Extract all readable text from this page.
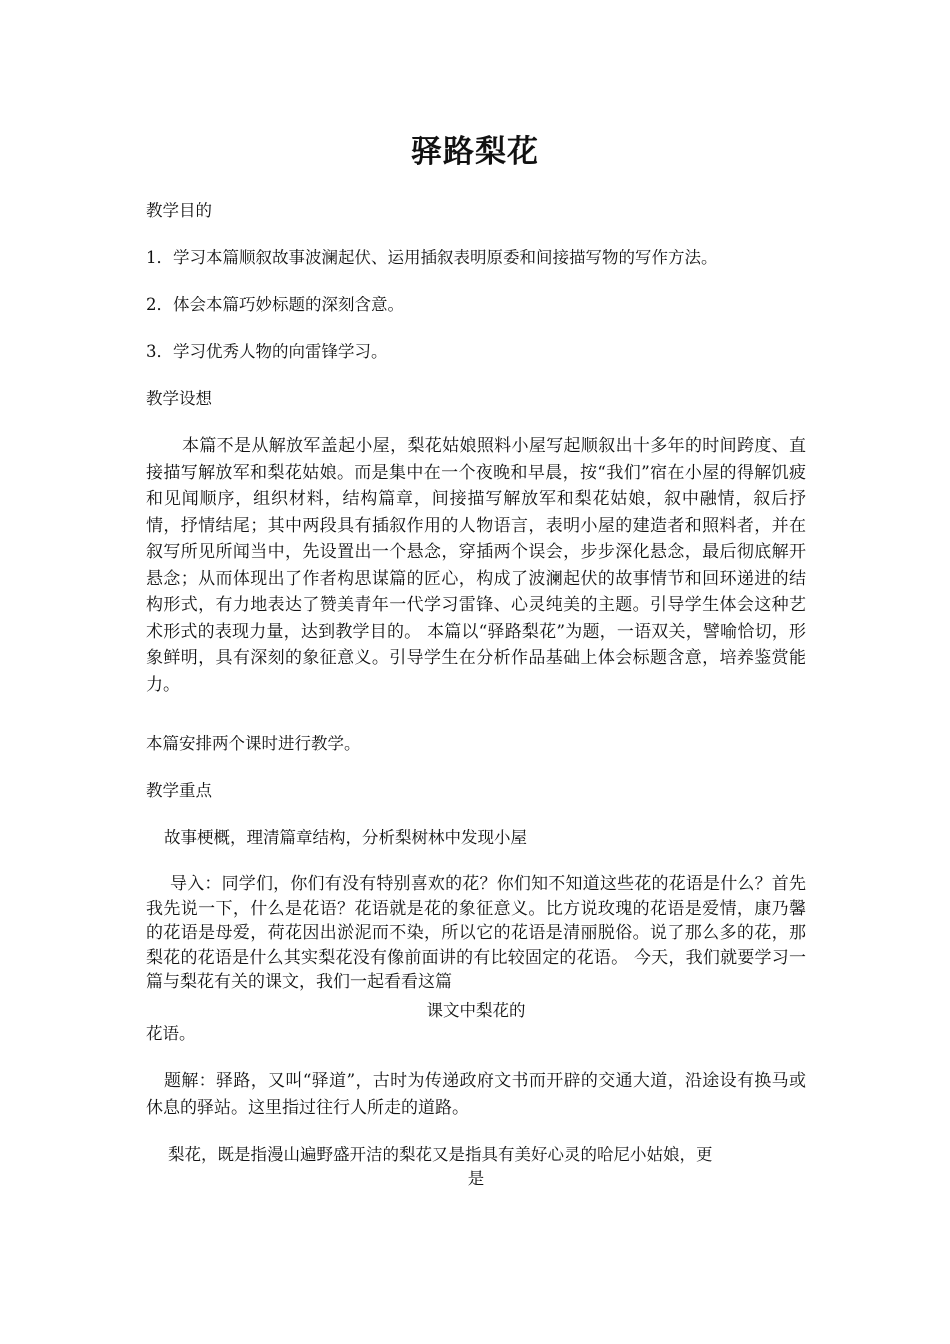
驿路梨花
教学目的
1．学习本篇顺叙故事波澜起伏、运用插叙表明原委和间接描写物的写作方法。
2．体会本篇巧妙标题的深刻含意。
3．学习优秀人物的向雷锋学习。
教学设想
本篇不是从解放军盖起小屋，梨花姑娘照料小屋写起顺叙出十多年的时间跨度、直接描写解放军和梨花姑娘。而是集中在一个夜晚和早晨，按“我们”宿在小屋的得解饥疲和见闻顺序，组织材料，结构篇章，间接描写解放军和梨花姑娘，叙中融情，叙后抒情，抒情结尾；其中两段具有插叙作用的人物语言，表明小屋的建造者和照料者，并在叙写所见所闻当中，先设置出一个悬念，穿插两个误会，步步深化悬念，最后彻底解开悬念；从而体现出了作者构思谋篇的匠心，构成了波澜起伏的故事情节和回环递进的结构形式，有力地表达了赞美青年一代学习雷锋、心灵纯美的主题。引导学生体会这种艺术形式的表现力量，达到教学目的。 本篇以“驿路梨花”为题，一语双关，譬喻恰切，形象鲜明，具有深刻的象征意义。引导学生在分析作品基础上体会标题含意，培养鉴赏能力。
本篇安排两个课时进行教学。
教学重点
故事梗概，理清篇章结构，分析梨树林中发现小屋
导入：同学们，你们有没有特别喜欢的花？你们知不知道这些花的花语是什么？首先我先说一下，什么是花语？花语就是花的象征意义。比方说玫瑰的花语是爱情，康乃馨的花语是母爱，荷花因出淤泥而不染，所以它的花语是清丽脱俗。说了那么多的花，那梨花的花语是什么其实梨花没有像前面讲的有比较固定的花语。 今天，我们就要学习一篇与梨花有关的课文，我们一起看看这篇
课文中梨花的
花语。
题解：驿路，又叫“驿道”，古时为传递政府文书而开辟的交通大道，沿途设有换马或休息的驿站。这里指过往行人所走的道路。
梨花，既是指漫山遍野盛开洁的梨花又是指具有美好心灵的哈尼小姑娘，更
是
